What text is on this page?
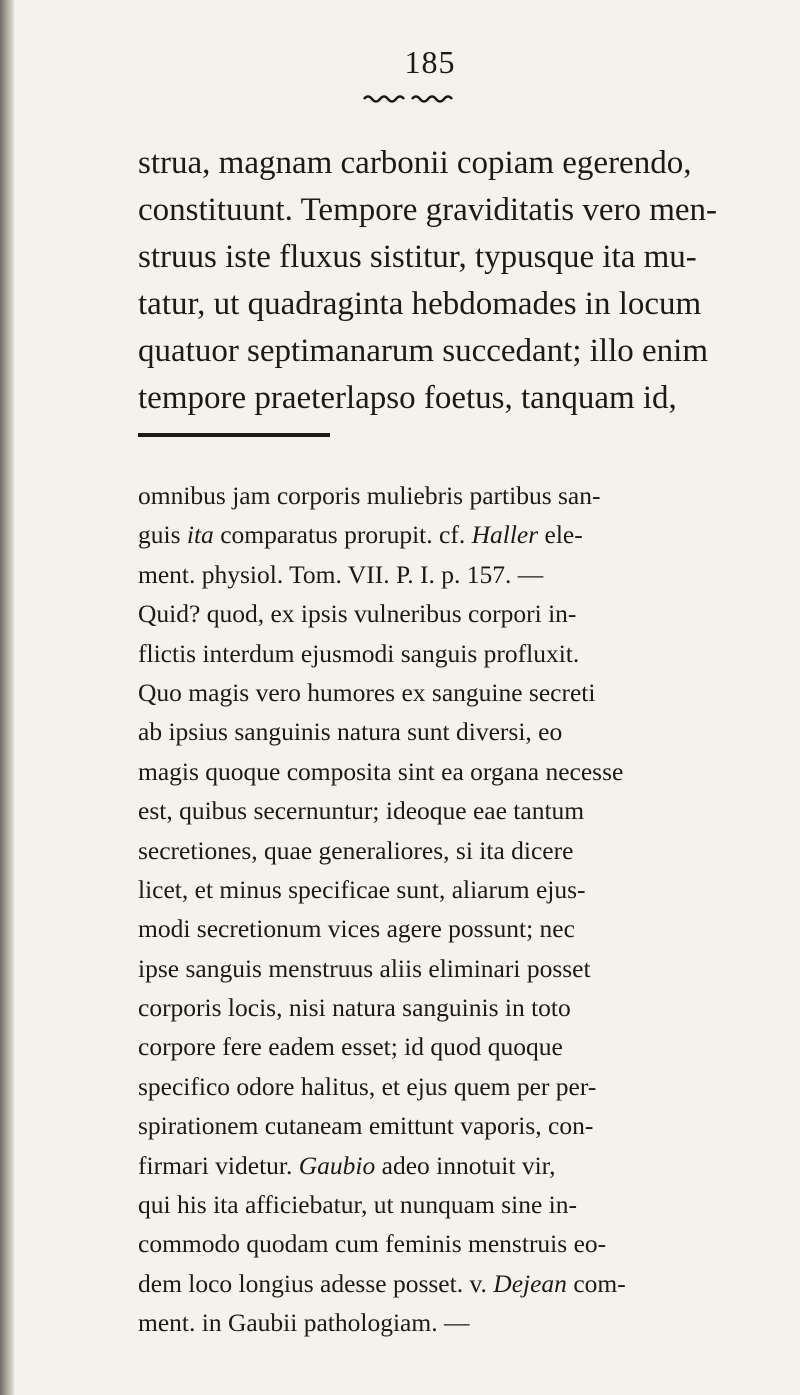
185
strua, magnam carbonii copiam egerendo,
constituunt. Tempore graviditatis vero men-
struus iste fluxus sistitur, typusque ita mu-
tatur, ut quadraginta hebdomades in locum
quatuor septimanarum succedant; illo enim
tempore praeterlapso foetus, tanquam id,
omnibus jam corporis muliebris partibus san-
guis ita comparatus prorupit. cf. Haller ele-
ment. physiol. Tom. VII. P. I. p. 157. —
Quid? quod, ex ipsis vulneribus corpori in-
flictis interdum ejusmodi sanguis profluxit.
Quo magis vero humores ex sanguine secreti
ab ipsius sanguinis natura sunt diversi, eo
magis quoque composita sint ea organa necesse
est, quibus secernuntur; ideoque eae tantum
secretiones, quae generaliores, si ita dicere
licet, et minus specificae sunt, aliarum ejus-
modi secretionum vices agere possunt; nec
ipse sanguis menstruus aliis eliminari posset
corporis locis, nisi natura sanguinis in toto
corpore fere eadem esset; id quod quoque
specifico odore halitus, et ejus quem per per-
spirationem cutaneam emittunt vaporis, con-
firmari videtur. Gaubio adeo innotuit vir,
qui his ita afficiebatur, ut nunquam sine in-
commodo quodam cum feminis menstruis eo-
dem loco longius adesse posset. v. Dejean com-
ment. in Gaubii pathologiam. —
